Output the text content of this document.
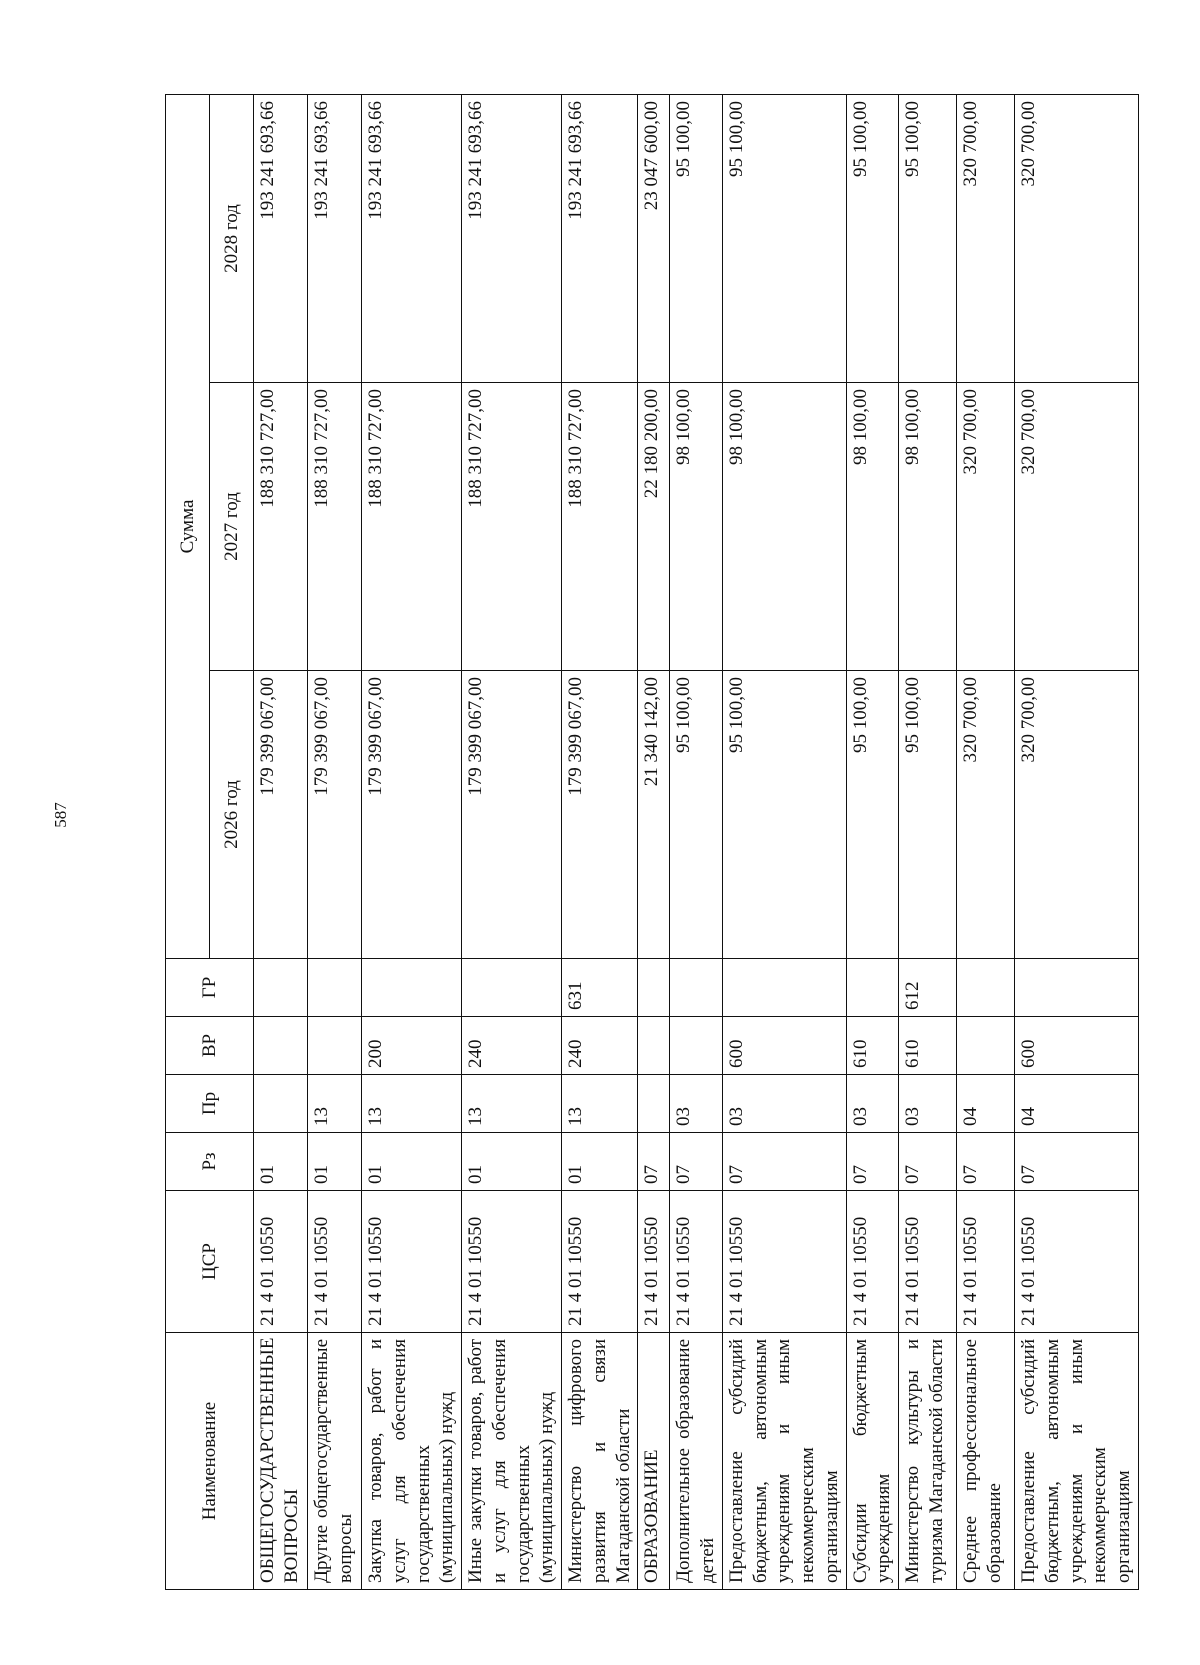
587
Наименование	ЦСР	Рз	Пр	ВР	ГР	Сумма		
						2026 год	2027 год	2028 год
ОБЩЕГОСУДАРСТВЕННЫЕ ВОПРОСЫ	21 4 01 10550	01				179 399 067,00	188 310 727,00	193 241 693,66
Другие общегосударственные вопросы	21 4 01 10550	01	13			179 399 067,00	188 310 727,00	193 241 693,66
Закупка товаров, работ и услуг для обеспечения государственных (муниципальных) нужд	21 4 01 10550	01	13	200		179 399 067,00	188 310 727,00	193 241 693,66
Иные закупки товаров, работ и услуг для обеспечения государственных (муниципальных) нужд	21 4 01 10550	01	13	240		179 399 067,00	188 310 727,00	193 241 693,66
Министерство цифрового развития и связи Магаданской области	21 4 01 10550	01	13	240	631	179 399 067,00	188 310 727,00	193 241 693,66
ОБРАЗОВАНИЕ	21 4 01 10550	07				21 340 142,00	22 180 200,00	23 047 600,00
Дополнительное образование детей	21 4 01 10550	07	03			95 100,00	98 100,00	95 100,00
Предоставление субсидий бюджетным, автономным учреждениям и иным некоммерческим организациям	21 4 01 10550	07	03	600		95 100,00	98 100,00	95 100,00
Субсидии бюджетным учреждениям	21 4 01 10550	07	03	610		95 100,00	98 100,00	95 100,00
Министерство культуры и туризма Магаданской области	21 4 01 10550	07	03	610	612	95 100,00	98 100,00	95 100,00
Среднее профессиональное образование	21 4 01 10550	07	04			320 700,00	320 700,00	320 700,00
Предоставление субсидий бюджетным, автономным учреждениям и иным некоммерческим организациям	21 4 01 10550	07	04	600		320 700,00	320 700,00	320 700,00
